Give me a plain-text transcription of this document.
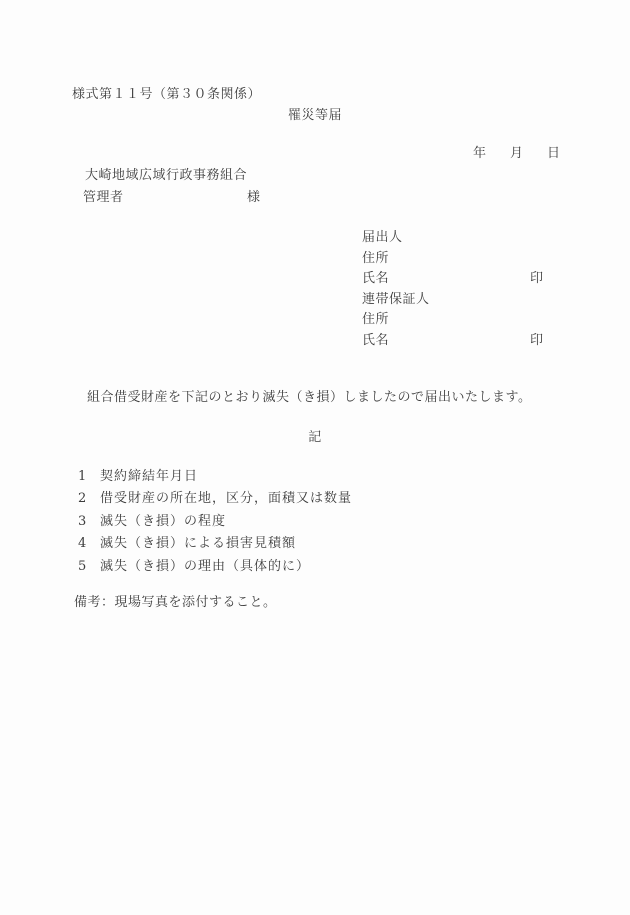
様式第１１号（第３０条関係）
罹災等届
年 月 日
大崎地域広域行政事務組合
管理者	様
届出人
住所
氏名	印
連帯保証人
住所
氏名	印
組合借受財産を下記のとおり滅失（き損）しましたので届出いたします。
記
1 契約締結年月日
2 借受財産の所在地，区分，面積又は数量
3 滅失（き損）の程度
4 滅失（き損）による損害見積額
5 滅失（き損）の理由（具体的に）
備考：現場写真を添付すること。
